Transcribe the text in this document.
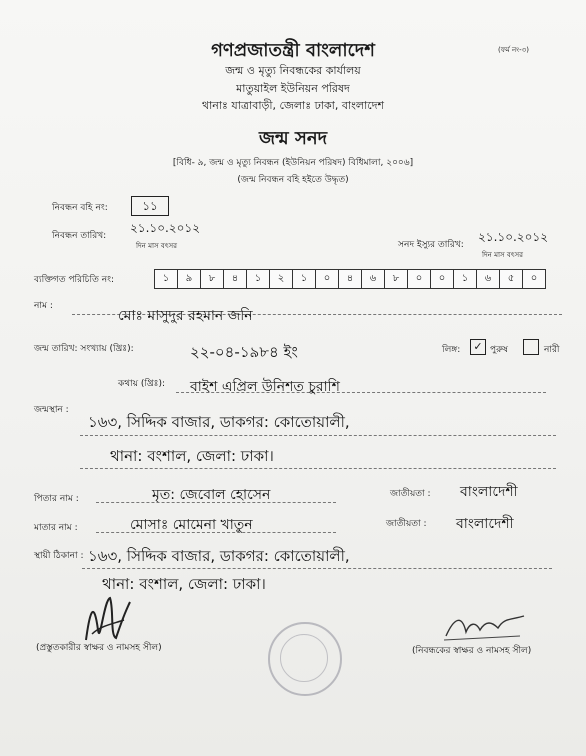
(ফর্ম নং-৩)
গণপ্রজাতন্ত্রী বাংলাদেশ
জন্ম ও মৃত্যু নিবন্ধকের কার্যালয়
মাতুয়াইল ইউনিয়ন পরিষদ
থানাঃ যাত্রাবাড়ী, জেলাঃ ঢাকা, বাংলাদেশ
জন্ম সনদ
[বিধি- ৯, জন্ম ও মৃত্যু নিবন্ধন (ইউনিয়ন পরিষদ) বিধিমালা, ২০০৬]
(জন্ম নিবন্ধন বহি হইতে উদ্ধৃত)
নিবন্ধন বহি নং:	১১
নিবন্ধন তারিখ:
২১.১০.২০১২
দিন মাস বৎসর	সনদ ইস্যুর তারিখ:
২১.১০.২০১২
দিন মাস বৎসর
ব্যক্তিগত পরিচিতি নং:	১	৯	৮	৪	১	২	১	০	৪	৬	৮	০	০	১	৬	৫	০
নাম :
মোঃ মাসুদুর রহমান জনি
জন্ম তারিখ: সংখ্যায় (খ্রিঃ):	২২-০৪-১৯৮৪ ইং	লিঙ্গ:	✓ পুরুষ	নারী
কথায় (খ্রিঃ): বাইশ এপ্রিল উনিশত চুরাশি
জন্মস্থান :
১৬৩, সিদ্দিক বাজার, ডাকগর: কোতোয়ালী,
থানা: বংশাল, জেলা: ঢাকা।
পিতার নাম :	মৃত: জেবোল হোসেন	জাতীয়তা : বাংলাদেশী
মাতার নাম :	মোসাঃ মোমেনা খাতুন	জাতীয়তা : বাংলাদেশী
স্থায়ী ঠিকানা : ১৬৩, সিদ্দিক বাজার, ডাকগর: কোতোয়ালী,
থানা: বংশাল, জেলা: ঢাকা।
(প্রস্তুতকারীর স্বাক্ষর ও নামসহ সীল)	(নিবন্ধকের স্বাক্ষর ও নামসহ সীল)
